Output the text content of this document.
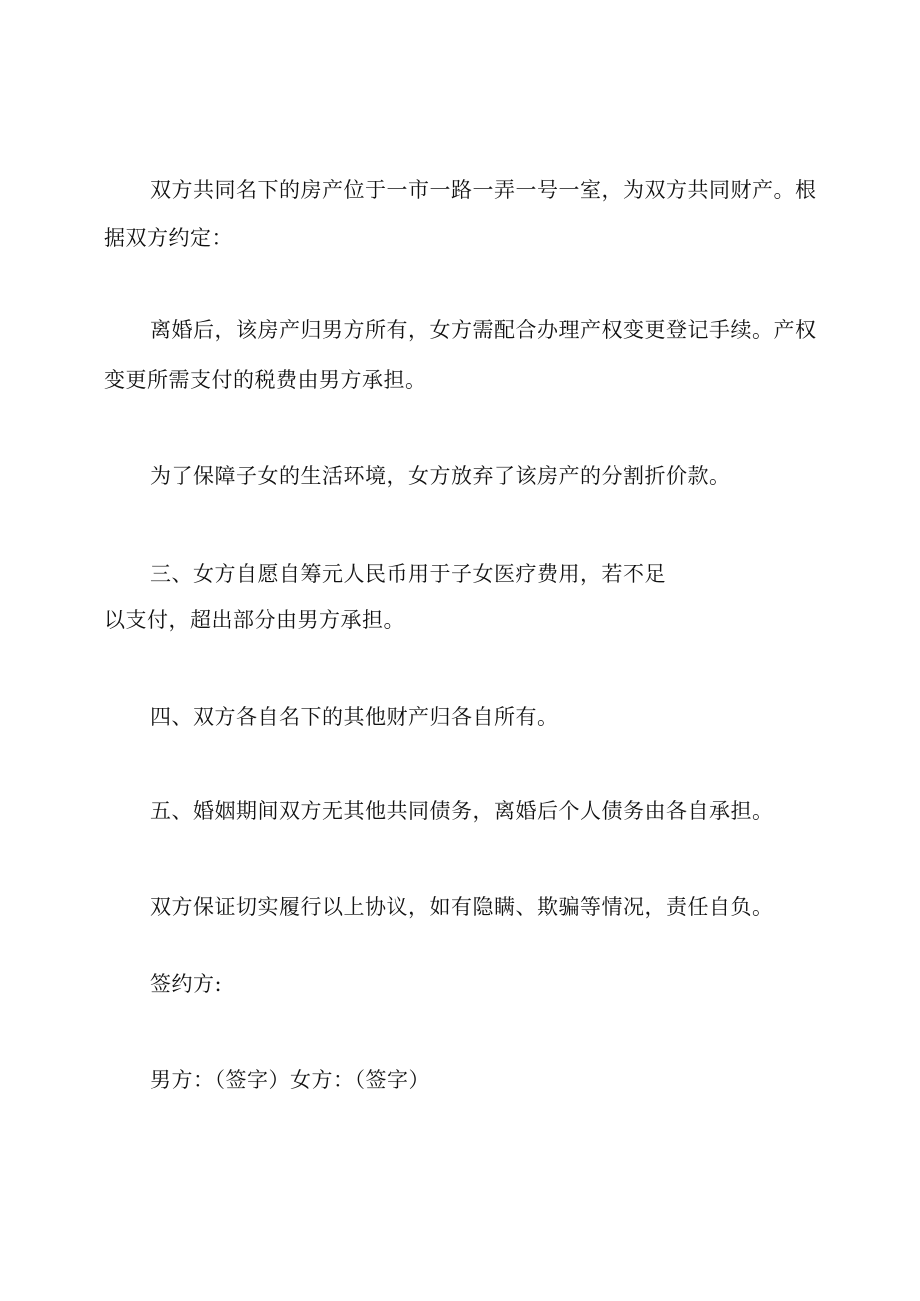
双方共同名下的房产位于一市一路一弄一号一室，为双方共同财产。根
据双方约定：
离婚后，该房产归男方所有，女方需配合办理产权变更登记手续。产权
变更所需支付的税费由男方承担。
为了保障子女的生活环境，女方放弃了该房产的分割折价款。
三、女方自愿自筹元人民币用于子女医疗费用，若不足
以支付，超出部分由男方承担。
四、双方各自名下的其他财产归各自所有。
五、婚姻期间双方无其他共同债务，离婚后个人债务由各自承担。
双方保证切实履行以上协议，如有隐瞒、欺骗等情况，责任自负。
签约方:
男方：（签字）女方：（签字）
